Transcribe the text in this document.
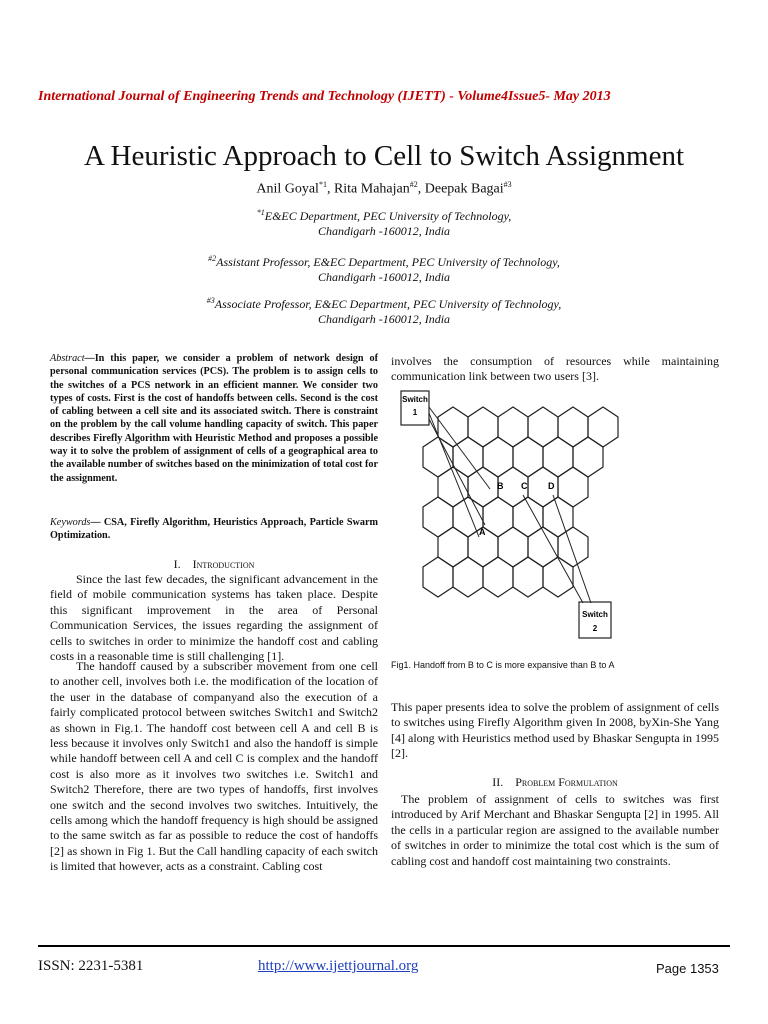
International Journal of Engineering Trends and Technology (IJETT) - Volume4Issue5- May 2013
A Heuristic Approach to Cell to Switch Assignment
Anil Goyal$^{*1}$, Rita Mahajan$^{\#2}$, Deepak Bagai$^{\#3}$
$^{*1}$E&EC Department, PEC University of Technology,
Chandigarh -160012, India
$^{\#2}$Assistant Professor, E&EC Department, PEC University of Technology,
Chandigarh -160012, India
$^{\#3}$Associate Professor, E&EC Department, PEC University of Technology,
Chandigarh -160012, India
Abstract—In this paper, we consider a problem of network design of personal communication services (PCS). The problem is to assign cells to the switches of a PCS network in an efficient manner. We consider two types of costs. First is the cost of handoffs between cells. Second is the cost of cabling between a cell site and its associated switch. There is constraint on the problem by the call volume handling capacity of switch. This paper describes Firefly Algorithm with Heuristic Method and proposes a possible way it to solve the problem of assignment of cells of a geographical area to the available number of switches based on the minimization of total cost for the assignment.
Keywords— CSA, Firefly Algorithm, Heuristics Approach, Particle Swarm Optimization.
I. Introduction
Since the last few decades, the significant advancement in the field of mobile communication systems has taken place. Despite this significant improvement in the area of Personal Communication Services, the issues regarding the assignment of cells to switches in order to minimize the handoff cost and cabling costs in a reasonable time is still challenging [1].
The handoff caused by a subscriber movement from one cell to another cell, involves both i.e. the modification of the location of the user in the database of companyand also the execution of a fairly complicated protocol between switches Switch1 and Switch2 as shown in Fig.1. The handoff cost between cell A and cell B is less because it involves only Switch1 and also the handoff is simple while handoff between cell A and cell C is complex and the handoff cost is also more as it involves two switches i.e. Switch1 and Switch2 Therefore, there are two types of handoffs, first involves one switch and the second involves two switches. Intuitively, the cells among which the handoff frequency is high should be assigned to the same switch as far as possible to reduce the cost of handoffs [2] as shown in Fig 1. But the Call handling capacity of each switch is limited that however, acts as a constraint. Cabling cost
involves the consumption of resources while maintaining communication link between two users [3].
Switch
1
Switch
2
B C D
A
Fig1. Handoff from B to C is more expansive than B to A
This paper presents idea to solve the problem of assignment of cells to switches using Firefly Algorithm given In 2008, byXin-She Yang [4] along with Heuristics method used by Bhaskar Sengupta in 1995 [2].
II. Problem Formulation
The problem of assignment of cells to switches was first introduced by Arif Merchant and Bhaskar Sengupta [2] in 1995. All the cells in a particular region are assigned to the available number of switches in order to minimize the total cost which is the sum of cabling cost and handoff cost maintaining two constraints.
ISSN: 2231-5381	http://www.ijettjournal.org	Page 1353
